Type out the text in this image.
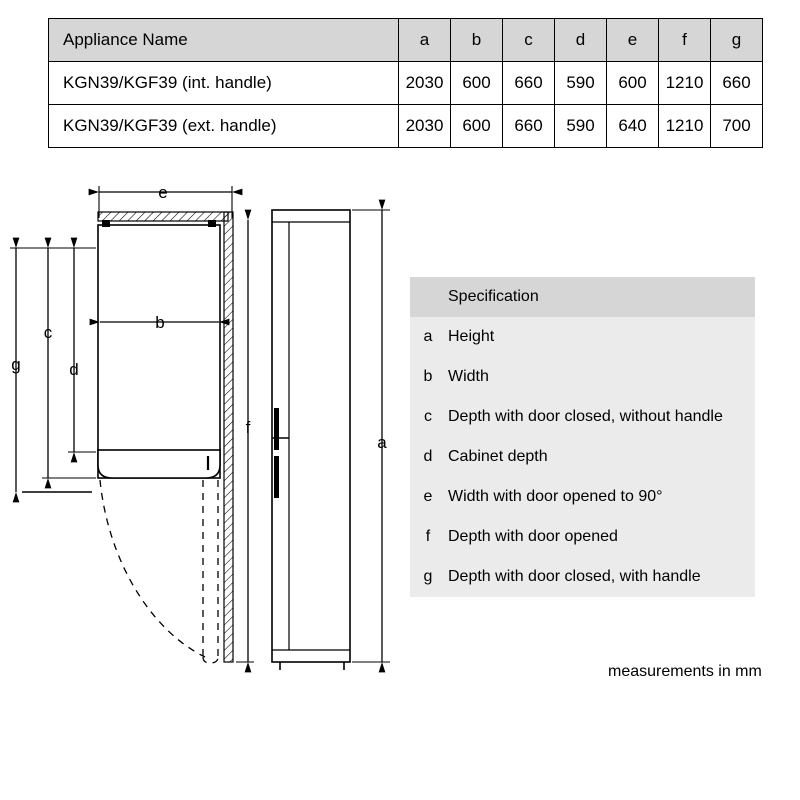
Appliance Name	a	b	c	d	e	f	g
KGN39/KGF39 (int. handle)	2030	600	660	590	600	1210	660
KGN39/KGF39 (ext. handle)	2030	600	660	590	640	1210	700
e
b
g
c
d
f
a
Specification
a Height
b Width
c	Depth with door closed, without handle
d Cabinet depth
e Width with door opened to 90°
f	Depth with door opened
g Depth with door closed, with handle
measurements in mm
